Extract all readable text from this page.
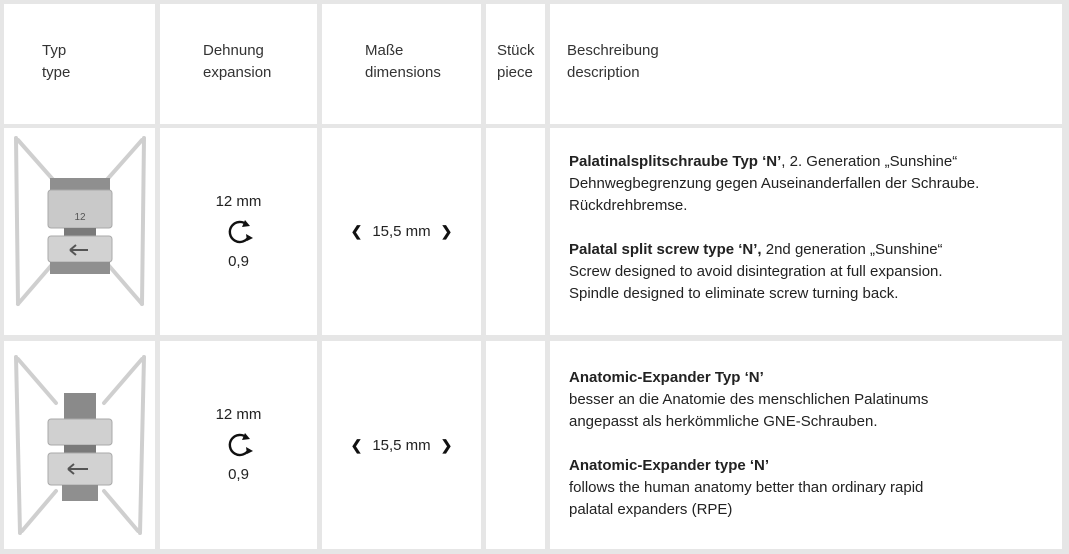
Typ
type
Dehnung
expansion
Maße
dimensions
Stück
piece
Beschreibung
description
12
12 mm
0,9
❮ 15,5 mm ❯

Palatinalsplitschraube Typ ‘N’, 2. Generation „Sunshine“

Dehnwegbegrenzung gegen Auseinanderfallen der Schraube.

Rückdrehbremse.

Palatal split screw type ‘N’, 2nd generation „Sunshine“

Screw designed to avoid disintegration at full expansion.

Spindle designed to eliminate screw turning back.

12 mm
0,9
❮ 15,5 mm ❯

Anatomic-Expander Typ ‘N’

besser an die Anatomie des menschlichen Palatinums

angepasst als herkömmliche GNE-Schrauben.

Anatomic-Expander type ‘N’

follows the human anatomy better than ordinary rapid

palatal expanders (RPE)
